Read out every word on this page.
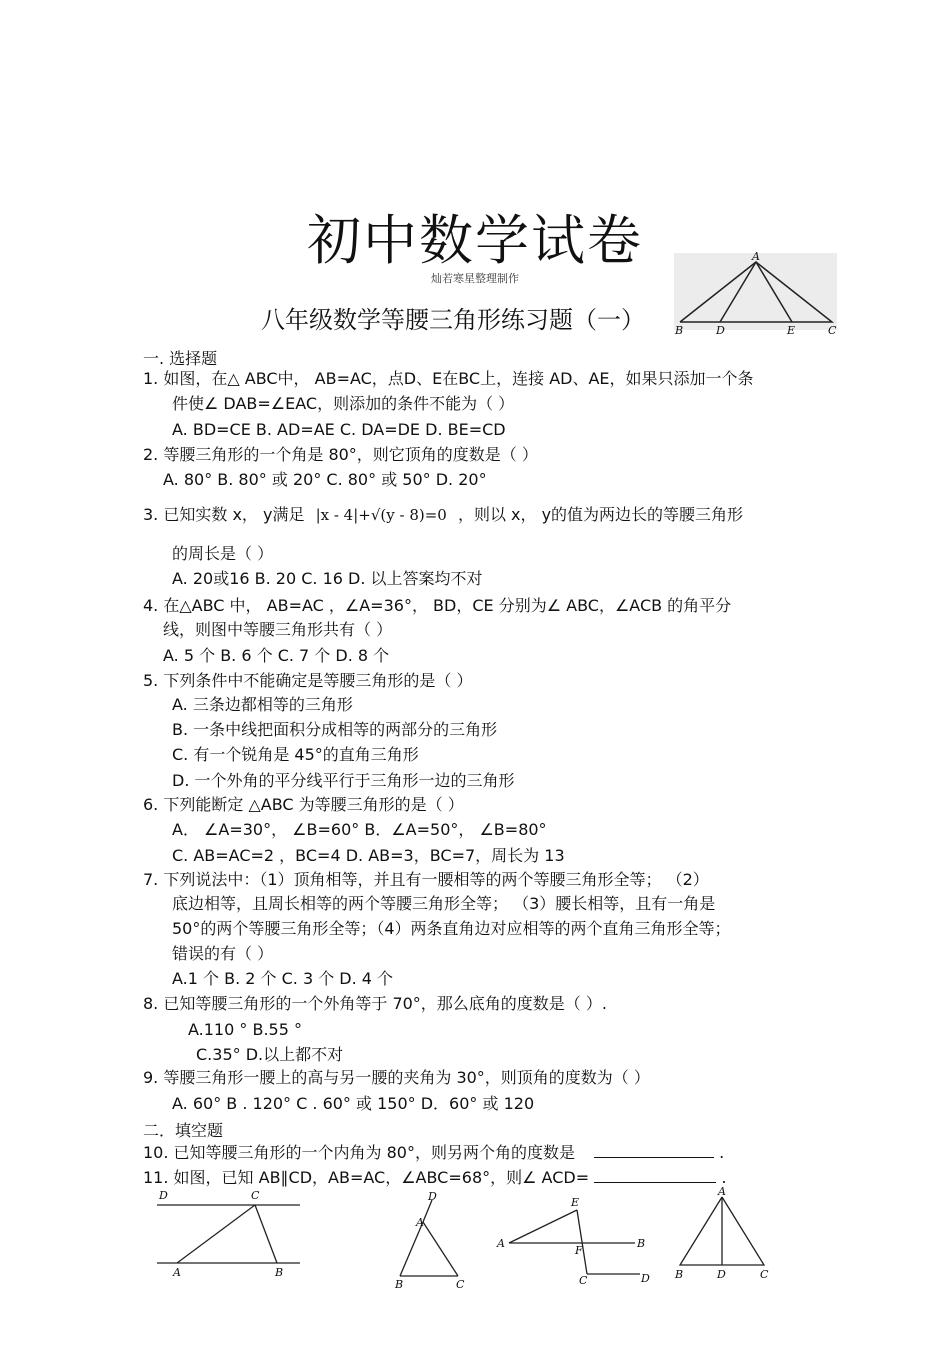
初中数学试卷
灿若寒星整理制作
八年级数学等腰三角形练习题（一）
A
B	D	E	C
一. 选择题
1. 如图，在△ ABC中， AB=AC，点D、E在BC上，连接 AD、AE，如果只添加一个条
件使∠ DAB=∠EAC，则添加的条件不能为（ ）
A. BD=CE B. AD=AE C. DA=DE D. BE=CD
2. 等腰三角形的一个角是 80°，则它顶角的度数是（ ）
A. 80° B. 80° 或 20° C. 80° 或 50° D. 20°
3. 已知实数 x， y满足 |x - 4|+√(y - 8)=0 ，则以 x， y的值为两边长的等腰三角形
的周长是（ ）
A. 20或16 B. 20 C. 16 D. 以上答案均不对
4. 在△ABC 中， AB=AC ，∠A=36°， BD，CE 分别为∠ ABC，∠ACB 的角平分
线，则图中等腰三角形共有（ ）
A. 5 个 B. 6 个 C. 7 个 D. 8 个
5. 下列条件中不能确定是等腰三角形的是（ ）
A. 三条边都相等的三角形
B. 一条中线把面积分成相等的两部分的三角形
C. 有一个锐角是 45°的直角三角形
D. 一个外角的平分线平行于三角形一边的三角形
6. 下列能断定 △ABC 为等腰三角形的是（ ）
A． ∠A=30°， ∠B=60° B．∠A=50°， ∠B=80°
C. AB=AC=2 ，BC=4 D. AB=3，BC=7，周长为 13
7. 下列说法中：（1）顶角相等，并且有一腰相等的两个等腰三角形全等； （2）
底边相等，且周长相等的两个等腰三角形全等； （3）腰长相等，且有一角是
50°的两个等腰三角形全等；（4）两条直角边对应相等的两个直角三角形全等；
错误的有（ ）
A.1 个 B. 2 个 C. 3 个 D. 4 个
8. 已知等腰三角形的一个外角等于 70°，那么底角的度数是（ ）.
A.110 ° B.55 °
C.35° D.以上都不对
9. 等腰三角形一腰上的高与另一腰的夹角为 30°，则顶角的度数为（ ）
A. 60° B . 120° C . 60° 或 150° D．60° 或 120
二．填空题
10. 已知等腰三角形的一个内角为 80°，则另两个角的度数是	.
11. 如图，已知 AB∥CD，AB=AC，∠ABC=68°，则∠ ACD=	.
D	C
A	B
D
A
B	C
E
A
F
B
C	D
A
B	D	C
